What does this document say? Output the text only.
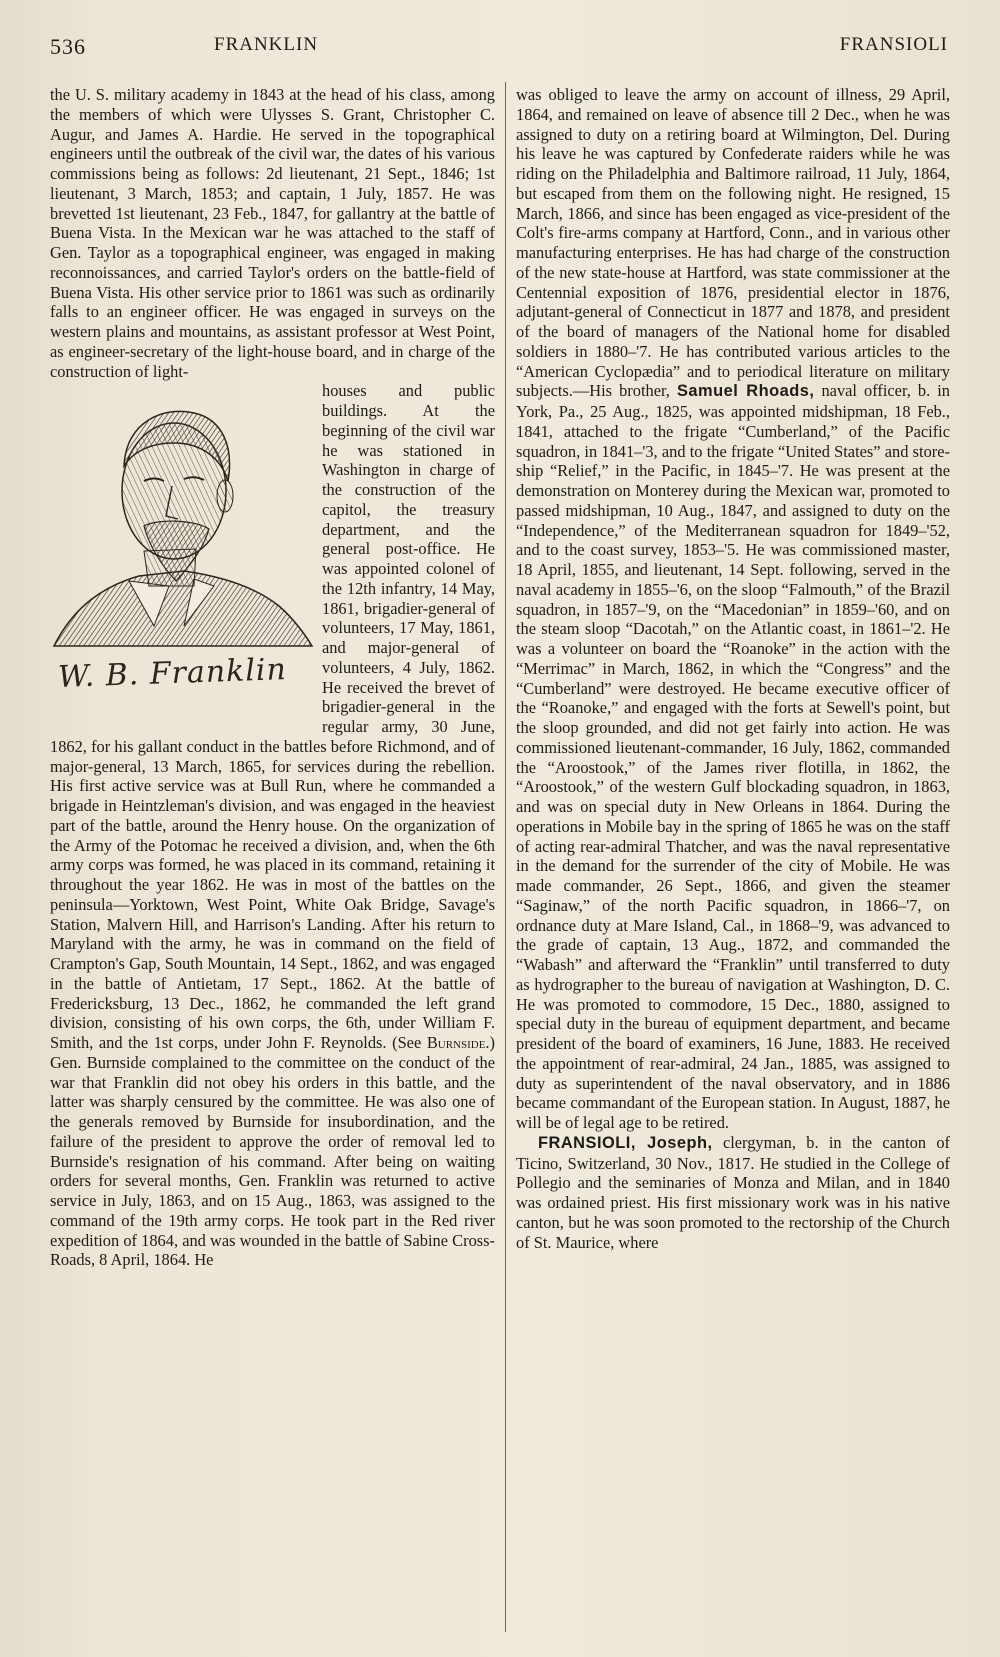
536	FRANKLIN	FRANSIOLI

the U. S. military academy in 1843 at the head of his class, among the members of which were Ulysses S. Grant, Christopher C. Augur, and James A. Hardie. He served in the topographical engineers until the outbreak of the civil war, the dates of his various commissions being as follows: 2d lieutenant, 21 Sept., 1846; 1st lieutenant, 3 March, 1853; and captain, 1 July, 1857. He was brevetted 1st lieutenant, 23 Feb., 1847, for gallantry at the battle of Buena Vista. In the Mexican war he was attached to the staff of Gen. Taylor as a topographical engineer, was engaged in making reconnoissances, and carried Taylor's orders on the battle-field of Buena Vista. His other service prior to 1861 was such as ordinarily falls to an engineer officer. He was engaged in surveys on the western plains and mountains, as assistant professor at West Point, as engineer-secretary of the light-house board, and in charge of the construction of light-

W. B. Franklin

houses and public buildings. At the beginning of the civil war he was stationed in Washington in charge of the construction of the capitol, the treasury department, and the general post-office. He was appointed colonel of the 12th infantry, 14 May, 1861, brigadier-general of volunteers, 17 May, 1861, and major-general of volunteers, 4 July, 1862. He received the brevet of brigadier-general in the regular army, 30 June, 1862, for his gallant conduct in the battles before Richmond, and of major-general, 13 March, 1865, for services during the rebellion. His first active service was at Bull Run, where he commanded a brigade in Heintzleman's division, and was engaged in the heaviest part of the battle, around the Henry house. On the organization of the Army of the Potomac he received a division, and, when the 6th army corps was formed, he was placed in its command, retaining it throughout the year 1862. He was in most of the battles on the peninsula—Yorktown, West Point, White Oak Bridge, Savage's Station, Malvern Hill, and Harrison's Landing. After his return to Maryland with the army, he was in command on the field of Crampton's Gap, South Mountain, 14 Sept., 1862, and was engaged in the battle of Antietam, 17 Sept., 1862. At the battle of Fredericksburg, 13 Dec., 1862, he commanded the left grand division, consisting of his own corps, the 6th, under William F. Smith, and the 1st corps, under John F. Reynolds. (See Burnside.) Gen. Burnside complained to the committee on the conduct of the war that Franklin did not obey his orders in this battle, and the latter was sharply censured by the committee. He was also one of the generals removed by Burnside for insubordination, and the failure of the president to approve the order of removal led to Burnside's resignation of his command. After being on waiting orders for several months, Gen. Franklin was returned to active service in July, 1863, and on 15 Aug., 1863, was assigned to the command of the 19th army corps. He took part in the Red river expedition of 1864, and was wounded in the battle of Sabine Cross-Roads, 8 April, 1864. He

was obliged to leave the army on account of illness, 29 April, 1864, and remained on leave of absence till 2 Dec., when he was assigned to duty on a retiring board at Wilmington, Del. During his leave he was captured by Confederate raiders while he was riding on the Philadelphia and Baltimore railroad, 11 July, 1864, but escaped from them on the following night. He resigned, 15 March, 1866, and since has been engaged as vice-president of the Colt's fire-arms company at Hartford, Conn., and in various other manufacturing enterprises. He has had charge of the construction of the new state-house at Hartford, was state commissioner at the Centennial exposition of 1876, presidential elector in 1876, adjutant-general of Connecticut in 1877 and 1878, and president of the board of managers of the National home for disabled soldiers in 1880–'7. He has contributed various articles to the “American Cyclopædia” and to periodical literature on military subjects.—His brother, Samuel Rhoads, naval officer, b. in York, Pa., 25 Aug., 1825, was appointed midshipman, 18 Feb., 1841, attached to the frigate “Cumberland,” of the Pacific squadron, in 1841–'3, and to the frigate “United States” and store-ship “Relief,” in the Pacific, in 1845–'7. He was present at the demonstration on Monterey during the Mexican war, promoted to passed midshipman, 10 Aug., 1847, and assigned to duty on the “Independence,” of the Mediterranean squadron for 1849–'52, and to the coast survey, 1853–'5. He was commissioned master, 18 April, 1855, and lieutenant, 14 Sept. following, served in the naval academy in 1855–'6, on the sloop “Falmouth,” of the Brazil squadron, in 1857–'9, on the “Macedonian” in 1859–'60, and on the steam sloop “Dacotah,” on the Atlantic coast, in 1861–'2. He was a volunteer on board the “Roanoke” in the action with the “Merrimac” in March, 1862, in which the “Congress” and the “Cumberland” were destroyed. He became executive officer of the “Roanoke,” and engaged with the forts at Sewell's point, but the sloop grounded, and did not get fairly into action. He was commissioned lieutenant-commander, 16 July, 1862, commanded the “Aroostook,” of the James river flotilla, in 1862, the “Aroostook,” of the western Gulf blockading squadron, in 1863, and was on special duty in New Orleans in 1864. During the operations in Mobile bay in the spring of 1865 he was on the staff of acting rear-admiral Thatcher, and was the naval representative in the demand for the surrender of the city of Mobile. He was made commander, 26 Sept., 1866, and given the steamer “Saginaw,” of the north Pacific squadron, in 1866–'7, on ordnance duty at Mare Island, Cal., in 1868–'9, was advanced to the grade of captain, 13 Aug., 1872, and commanded the “Wabash” and afterward the “Franklin” until transferred to duty as hydrographer to the bureau of navigation at Washington, D. C. He was promoted to commodore, 15 Dec., 1880, assigned to special duty in the bureau of equipment department, and became president of the board of examiners, 16 June, 1883. He received the appointment of rear-admiral, 24 Jan., 1885, was assigned to duty as superintendent of the naval observatory, and in 1886 became commandant of the European station. In August, 1887, he will be of legal age to be retired.

FRANSIOLI, Joseph, clergyman, b. in the canton of Ticino, Switzerland, 30 Nov., 1817. He studied in the College of Pollegio and the seminaries of Monza and Milan, and in 1840 was ordained priest. His first missionary work was in his native canton, but he was soon promoted to the rectorship of the Church of St. Maurice, where
